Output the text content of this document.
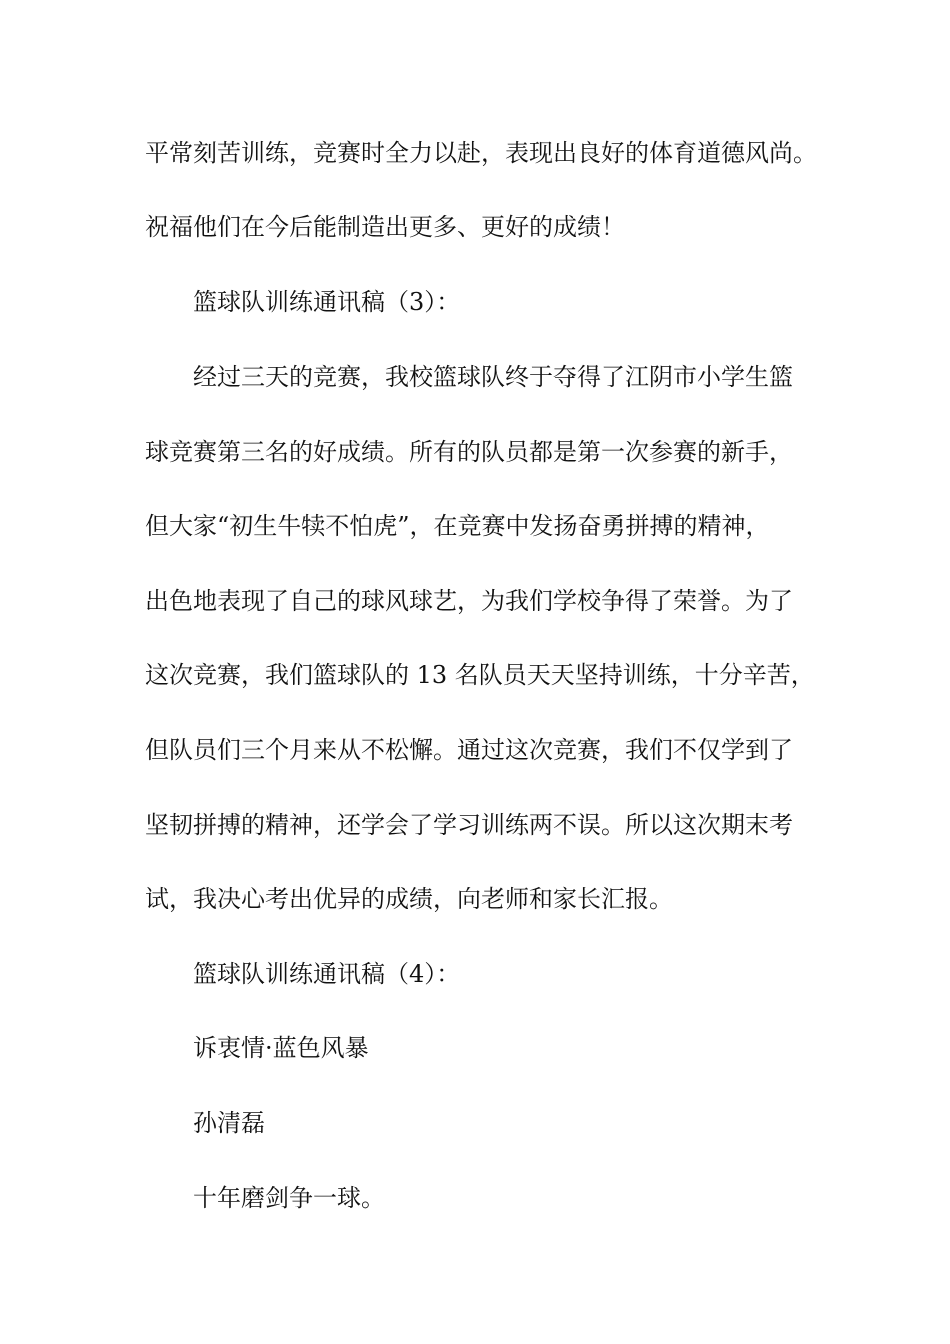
平常刻苦训练，竞赛时全力以赴，表现出良好的体育道德风尚。
祝福他们在今后能制造出更多、更好的成绩！
篮球队训练通讯稿（3）：
经过三天的竞赛，我校篮球队终于夺得了江阴市小学生篮
球竞赛第三名的好成绩。所有的队员都是第一次参赛的新手，
但大家“初生牛犊不怕虎”，在竞赛中发扬奋勇拼搏的精神，
出色地表现了自己的球风球艺，为我们学校争得了荣誉。为了
这次竞赛，我们篮球队的 13 名队员天天坚持训练，十分辛苦，
但队员们三个月来从不松懈。通过这次竞赛，我们不仅学到了
坚韧拼搏的精神，还学会了学习训练两不误。所以这次期末考
试，我决心考出优异的成绩，向老师和家长汇报。
篮球队训练通讯稿（4）：
诉衷情·蓝色风暴
孙清磊
十年磨剑争一球。
